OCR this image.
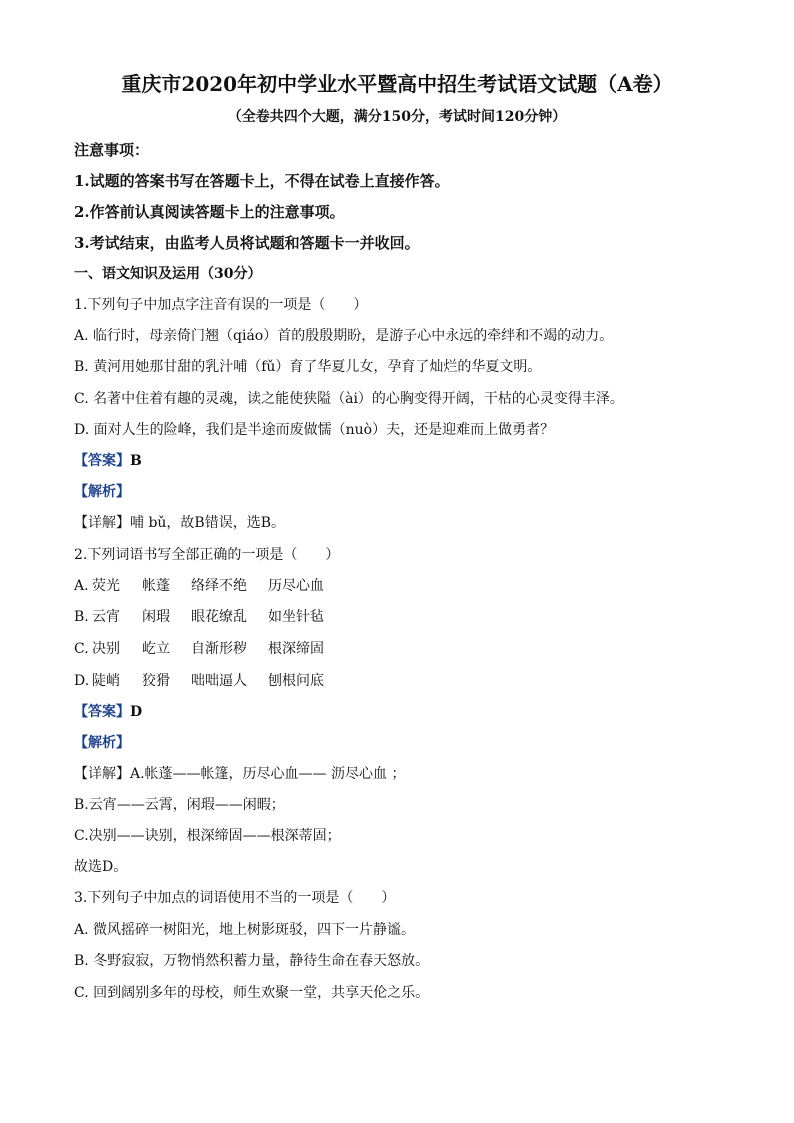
重庆市2020年初中学业水平暨高中招生考试语文试题（A卷）
（全卷共四个大题，满分150分，考试时间120分钟）
注意事项：
1.试题的答案书写在答题卡上，不得在试卷上直接作答。
2.作答前认真阅读答题卡上的注意事项。
3.考试结束，由监考人员将试题和答题卡一并收回。
一、语文知识及运用（30分）
1.下列句子中加点字注音有误的一项是（　　）
A. 临行时，母亲倚门翘（qiáo）首的殷殷期盼，是游子心中永远的牵绊和不竭的动力。
B. 黄河用她那甘甜的乳汁哺（fǔ）育了华夏儿女，孕育了灿烂的华夏文明。
C. 名著中住着有趣的灵魂，读之能使狭隘（ài）的心胸变得开阔，干枯的心灵变得丰泽。
D. 面对人生的险峰，我们是半途而废做懦（nuò）夫，还是迎难而上做勇者？
【答案】B
【解析】
【详解】哺 bǔ，故B错误，选B。
2.下列词语书写全部正确的一项是（　　）
A. 荧光 帐蓬 络绎不绝 历尽心血
B. 云宵 闲瑕 眼花缭乱 如坐针毡
C. 决别 屹立 自渐形秽 根深缔固
D. 陡峭 狡猾 咄咄逼人 刨根问底
【答案】D
【解析】
【详解】A.帐蓬——帐篷，历尽心血—— 沥尽心血 ；
B.云宵——云霄，闲瑕——闲暇；
C.决别——诀别，根深缔固——根深蒂固；
故选D。
3.下列句子中加点的词语使用不当的一项是（　　）
A. 微风摇碎一树阳光，地上树影斑驳，四下一片静谧。
B. 冬野寂寂，万物悄然积蓄力量，静待生命在春天怒放。
C. 回到阔别多年的母校，师生欢聚一堂，共享天伦之乐。
